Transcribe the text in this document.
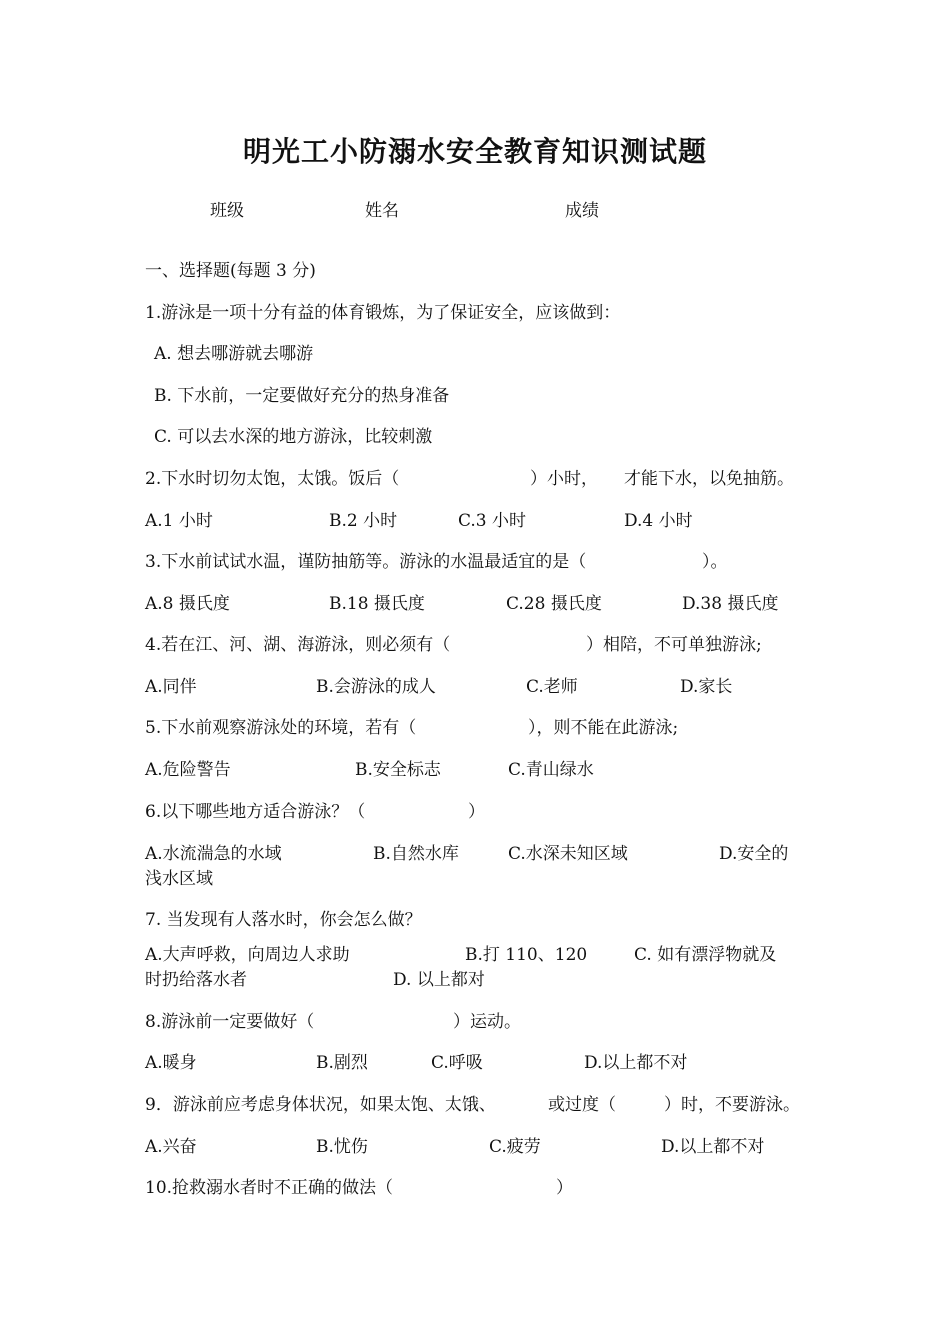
明光工小防溺水安全教育知识测试题
班级	姓名	成绩
一、选择题(每题 3 分)
1.游泳是一项十分有益的体育锻炼，为了保证安全，应该做到：
A. 想去哪游就去哪游
B. 下水前，一定要做好充分的热身准备
C. 可以去水深的地方游泳，比较刺激
2.下水时切勿太饱，太饿。饭后（	）小时， 才能下水，以免抽筋。
A.1 小时	B.2 小时	C.3 小时	D.4 小时
3.下水前试试水温，谨防抽筋等。游泳的水温最适宜的是（	）。
A.8 摄氏度	B.18 摄氏度	C.28 摄氏度	D.38 摄氏度
4.若在江、河、湖、海游泳，则必须有（	）相陪，不可单独游泳;
A.同伴	B.会游泳的成人	C.老师	D.家长
5.下水前观察游泳处的环境，若有（	），则不能在此游泳;
A.危险警告	B.安全标志	C.青山绿水
6.以下哪些地方适合游泳？（	）
A.水流湍急的水域	B.自然水库	C.水深未知区域	D.安全的
浅水区域
7. 当发现有人落水时，你会怎么做？
A.大声呼救，向周边人求助	B.打 110、120	C. 如有漂浮物就及
时扔给落水者	D. 以上都对
8.游泳前一定要做好（	）运动。
A.暖身	B.剧烈	C.呼吸	D.以上都不对
9．游泳前应考虑身体状况，如果太饱、太饿、	或过度（	）时，不要游泳。
A.兴奋	B.忧伤	C.疲劳	D.以上都不对
10.抢救溺水者时不正确的做法（	）
